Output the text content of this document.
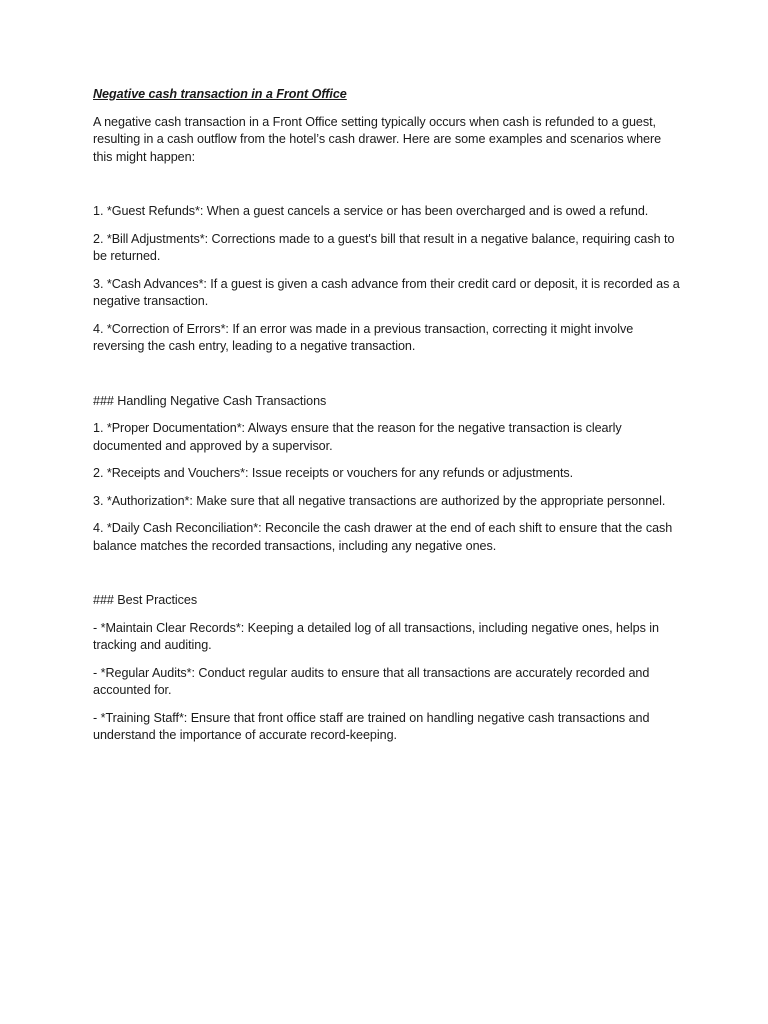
Negative cash transaction in a Front Office

A negative cash transaction in a Front Office setting typically occurs when cash is refunded to a guest, resulting in a cash outflow from the hotel’s cash drawer. Here are some examples and scenarios where this might happen:

1. *Guest Refunds*: When a guest cancels a service or has been overcharged and is owed a refund.

2. *Bill Adjustments*: Corrections made to a guest's bill that result in a negative balance, requiring cash to be returned.

3. *Cash Advances*: If a guest is given a cash advance from their credit card or deposit, it is recorded as a negative transaction.

4. *Correction of Errors*: If an error was made in a previous transaction, correcting it might involve reversing the cash entry, leading to a negative transaction.

### Handling Negative Cash Transactions

1. *Proper Documentation*: Always ensure that the reason for the negative transaction is clearly documented and approved by a supervisor.

2. *Receipts and Vouchers*: Issue receipts or vouchers for any refunds or adjustments.

3. *Authorization*: Make sure that all negative transactions are authorized by the appropriate personnel.

4. *Daily Cash Reconciliation*: Reconcile the cash drawer at the end of each shift to ensure that the cash balance matches the recorded transactions, including any negative ones.

### Best Practices

- *Maintain Clear Records*: Keeping a detailed log of all transactions, including negative ones, helps in tracking and auditing.

- *Regular Audits*: Conduct regular audits to ensure that all transactions are accurately recorded and accounted for.

- *Training Staff*: Ensure that front office staff are trained on handling negative cash transactions and understand the importance of accurate record-keeping.
